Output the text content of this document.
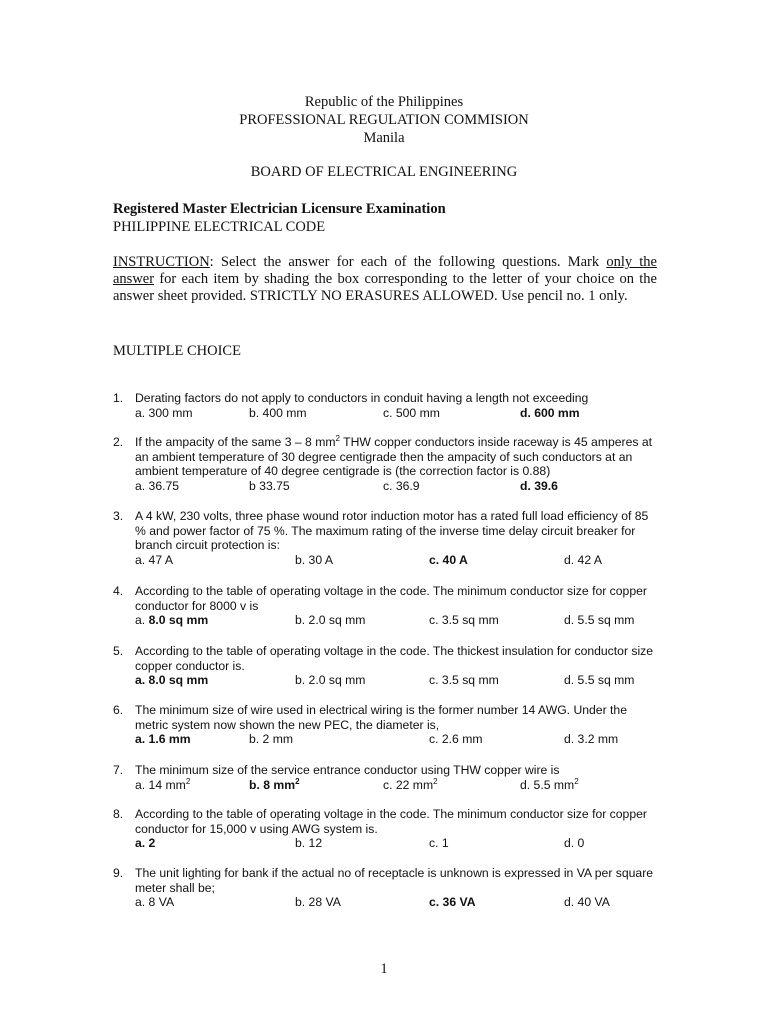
Republic of the Philippines
PROFESSIONAL REGULATION COMMISION
Manila
BOARD OF ELECTRICAL ENGINEERING
Registered Master Electrician Licensure Examination
PHILIPPINE ELECTRICAL CODE
INSTRUCTION: Select the answer for each of the following questions. Mark only the answer for each item by shading the box corresponding to the letter of your choice on the answer sheet provided. STRICTLY NO ERASURES ALLOWED. Use pencil no. 1 only.
MULTIPLE CHOICE
1. Derating factors do not apply to conductors in conduit having a length not exceeding
a. 300 mm	b. 400 mm	c. 500 mm	d. 600 mm
2. If the ampacity of the same 3 – 8 $mm^2$ THW copper conductors inside raceway is 45 amperes at an ambient temperature of 30 degree centigrade then the ampacity of such conductors at an ambient temperature of 40 degree centigrade is (the correction factor is 0.88)
a. 36.75	b 33.75	c. 36.9	d. 39.6
3. A 4 kW, 230 volts, three phase wound rotor induction motor has a rated full load efficiency of 85 % and power factor of 75 %. The maximum rating of the inverse time delay circuit breaker for branch circuit protection is:
a. 47 A	b. 30 A	c. 40 A	d. 42 A
4. According to the table of operating voltage in the code. The minimum conductor size for copper conductor for 8000 v is
a. 8.0 sq mm	b. 2.0 sq mm	c. 3.5 sq mm	d. 5.5 sq mm
5. According to the table of operating voltage in the code. The thickest insulation for conductor size copper conductor is.
a. 8.0 sq mm	b. 2.0 sq mm	c. 3.5 sq mm	d. 5.5 sq mm
6. The minimum size of wire used in electrical wiring is the former number 14 AWG. Under the metric system now shown the new PEC, the diameter is,
a. 1.6 mm	b. 2 mm	c. 2.6 mm	d. 3.2 mm
7. The minimum size of the service entrance conductor using THW copper wire is
a. 14 $mm^2$	b. 8 $mm^2$	c. 22 $mm^2$	d. 5.5 $mm^2$
8. According to the table of operating voltage in the code. The minimum conductor size for copper conductor for 15,000 v using AWG system is.
a. 2	b. 12	c. 1	d. 0
9. The unit lighting for bank if the actual no of receptacle is unknown is expressed in VA per square meter shall be;
a. 8 VA	b. 28 VA	c. 36 VA	d. 40 VA
1
